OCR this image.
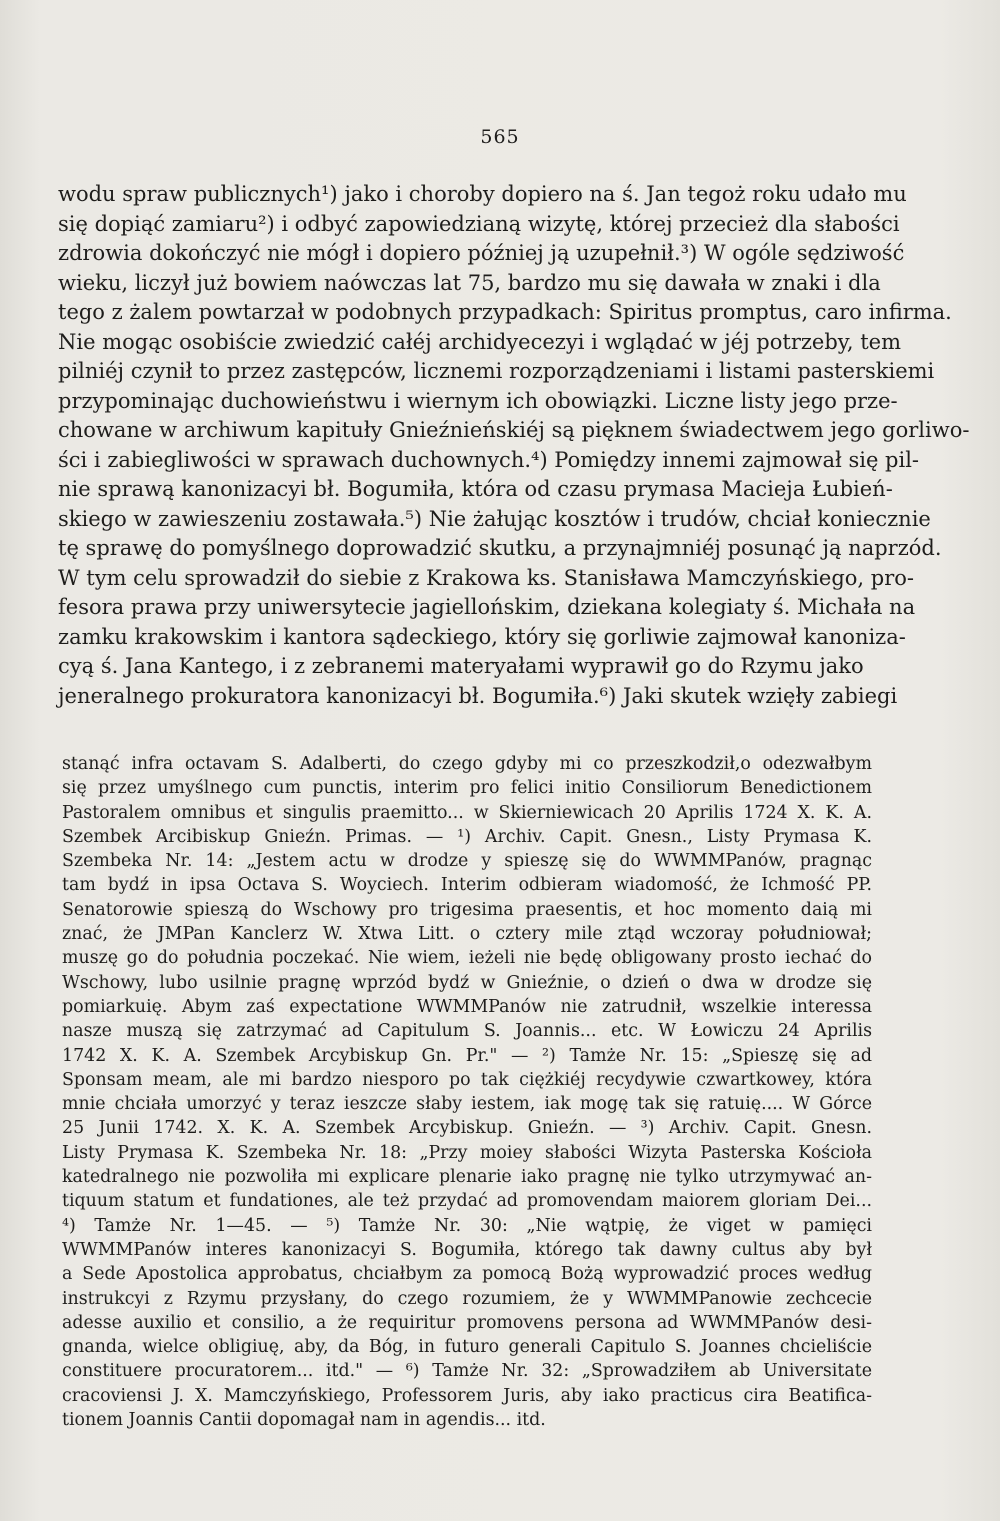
565
wodu spraw publicznych¹) jako i choroby dopiero na ś. Jan tegoż roku udało mu
się dopiąć zamiaru²) i odbyć zapowiedzianą wizytę, której przecież dla słabości
zdrowia dokończyć nie mógł i dopiero później ją uzupełnił.³) W ogóle sędziwość
wieku, liczył już bowiem naówczas lat 75, bardzo mu się dawała w znaki i dla
tego z żalem powtarzał w podobnych przypadkach: Spiritus promptus, caro infirma.
Nie mogąc osobiście zwiedzić całéj archidyecezyi i wglądać w jéj potrzeby, tem
pilniéj czynił to przez zastępców, licznemi rozporządzeniami i listami pasterskiemi
przypominając duchowieństwu i wiernym ich obowiązki. Liczne listy jego prze-
chowane w archiwum kapituły Gnieźnieńskiéj są pięknem świadectwem jego gorliwo-
ści i zabiegliwości w sprawach duchownych.⁴) Pomiędzy innemi zajmował się pil-
nie sprawą kanonizacyi bł. Bogumiła, która od czasu prymasa Macieja Łubień-
skiego w zawieszeniu zostawała.⁵) Nie żałując kosztów i trudów, chciał koniecznie
tę sprawę do pomyślnego doprowadzić skutku, a przynajmniéj posunąć ją naprzód.
W tym celu sprowadził do siebie z Krakowa ks. Stanisława Mamczyńskiego, pro-
fesora prawa przy uniwersytecie jagiellońskim, dziekana kolegiaty ś. Michała na
zamku krakowskim i kantora sądeckiego, który się gorliwie zajmował kanoniza-
cyą ś. Jana Kantego, i z zebranemi materyałami wyprawił go do Rzymu jako
jeneralnego prokuratora kanonizacyi bł. Bogumiła.⁶) Jaki skutek wzięły zabiegi
stanąć infra octavam S. Adalberti, do czego gdyby mi co przeszkodził,o odezwałbym
się przez umyślnego cum punctis, interim pro felici initio Consiliorum Benedictionem
Pastoralem omnibus et singulis praemitto... w Skierniewicach 20 Aprilis 1724 X. K. A.
Szembek Arcibiskup Gnieźn. Primas. — ¹) Archiv. Capit. Gnesn., Listy Prymasa K.
Szembeka Nr. 14: „Jestem actu w drodze y spieszę się do WWMMPanów, pragnąc
tam bydź in ipsa Octava S. Woyciech. Interim odbieram wiadomość, że Ichmość PP.
Senatorowie spieszą do Wschowy pro trigesima praesentis, et hoc momento daią mi
znać, że JMPan Kanclerz W. Xtwa Litt. o cztery mile ztąd wczoray południował;
muszę go do południa poczekać. Nie wiem, ieżeli nie będę obligowany prosto iechać do
Wschowy, lubo usilnie pragnę wprzód bydź w Gnieźnie, o dzień o dwa w drodze się
pomiarkuię. Abym zaś expectatione WWMMPanów nie zatrudnił, wszelkie interessa
nasze muszą się zatrzymać ad Capitulum S. Joannis... etc. W Łowiczu 24 Aprilis
1742 X. K. A. Szembek Arcybiskup Gn. Pr." — ²) Tamże Nr. 15: „Spieszę się ad
Sponsam meam, ale mi bardzo niesporo po tak ciężkiéj recydywie czwartkowey, która
mnie chciała umorzyć y teraz ieszcze słaby iestem, iak mogę tak się ratuię.... W Górce
25 Junii 1742. X. K. A. Szembek Arcybiskup. Gnieźn. — ³) Archiv. Capit. Gnesn.
Listy Prymasa K. Szembeka Nr. 18: „Przy moiey słabości Wizyta Pasterska Kościoła
katedralnego nie pozwoliła mi explicare plenarie iako pragnę nie tylko utrzymywać an-
tiquum statum et fundationes, ale też przydać ad promovendam maiorem gloriam Dei...
⁴) Tamże Nr. 1—45. — ⁵) Tamże Nr. 30: „Nie wątpię, że viget w pamięci
WWMMPanów interes kanonizacyi S. Bogumiła, którego tak dawny cultus aby był
a Sede Apostolica approbatus, chciałbym za pomocą Bożą wyprowadzić proces według
instrukcyi z Rzymu przysłany, do czego rozumiem, że y WWMMPanowie zechcecie
adesse auxilio et consilio, a że requiritur promovens persona ad WWMMPanów desi-
gnanda, wielce obligiuę, aby, da Bóg, in futuro generali Capitulo S. Joannes chcieliście
constituere procuratorem... itd." — ⁶) Tamże Nr. 32: „Sprowadziłem ab Universitate
cracoviensi J. X. Mamczyńskiego, Professorem Juris, aby iako practicus cira Beatifica-
tionem Joannis Cantii dopomagał nam in agendis... itd.
